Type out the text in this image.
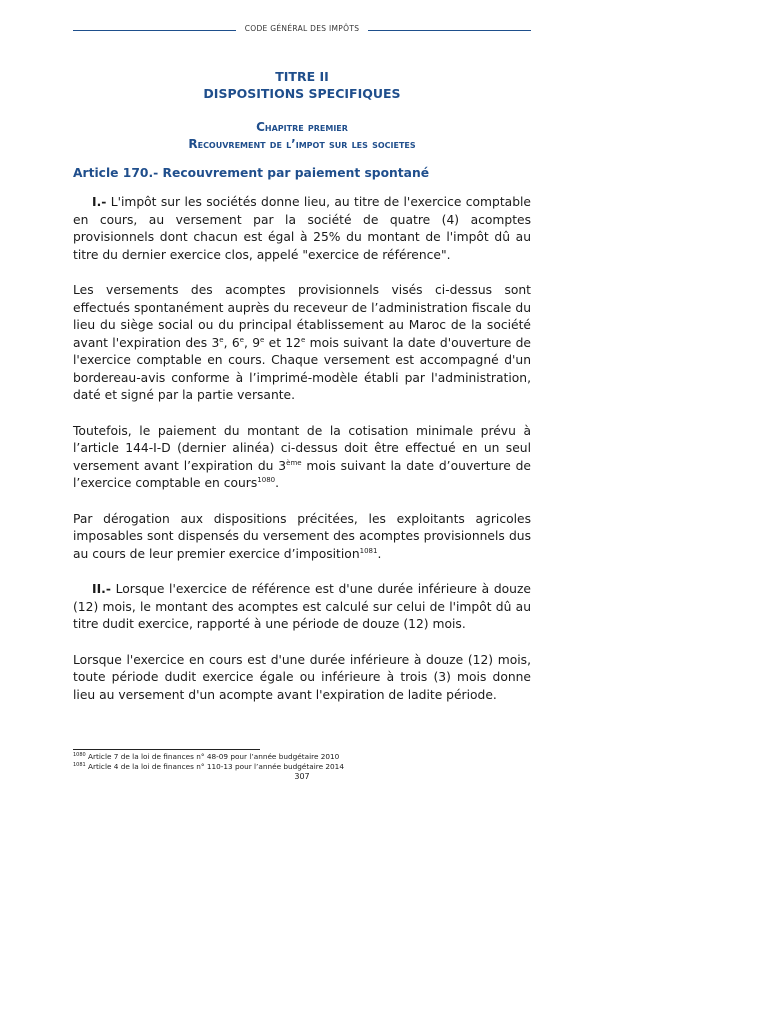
CODE GÉNÉRAL DES IMPÔTS
TITRE II
DISPOSITIONS SPECIFIQUES
Chapitre premier
Recouvrement de l’impot sur les societes
Article 170.- Recouvrement par paiement spontané

I.- L'impôt sur les sociétés donne lieu, au titre de l'exercice comptable en cours, au versement par la société de quatre (4) acomptes provisionnels dont chacun est égal à 25% du montant de l'impôt dû au titre du dernier exercice clos, appelé "exercice de référence".

Les versements des acomptes provisionnels visés ci-dessus sont effectués spontanément auprès du receveur de l’administration fiscale du lieu du siège social ou du principal établissement au Maroc de la société avant l'expiration des 3e, 6e, 9e et 12e mois suivant la date d'ouverture de l'exercice comptable en cours. Chaque versement est accompagné d'un bordereau-avis conforme à l’imprimé-modèle établi par l'administration, daté et signé par la partie versante.

Toutefois, le paiement du montant de la cotisation minimale prévu à l’article 144-I-D (dernier alinéa) ci-dessus doit être effectué en un seul versement avant l’expiration du 3ème mois suivant la date d’ouverture de l’exercice comptable en cours$^{1080}$.

Par dérogation aux dispositions précitées, les exploitants agricoles imposables sont dispensés du versement des acomptes provisionnels dus au cours de leur premier exercice d’imposition$^{1081}$.

II.- Lorsque l'exercice de référence est d'une durée inférieure à douze (12) mois, le montant des acomptes est calculé sur celui de l'impôt dû au titre dudit exercice, rapporté à une période de douze (12) mois.

Lorsque l'exercice en cours est d'une durée inférieure à douze (12) mois, toute période dudit exercice égale ou inférieure à trois (3) mois donne lieu au versement d'un acompte avant l'expiration de ladite période.

$^{1080}$ Article 7 de la loi de finances n° 48-09 pour l’année budgétaire 2010
$^{1081}$ Article 4 de la loi de finances n° 110-13 pour l’année budgétaire 2014
307
